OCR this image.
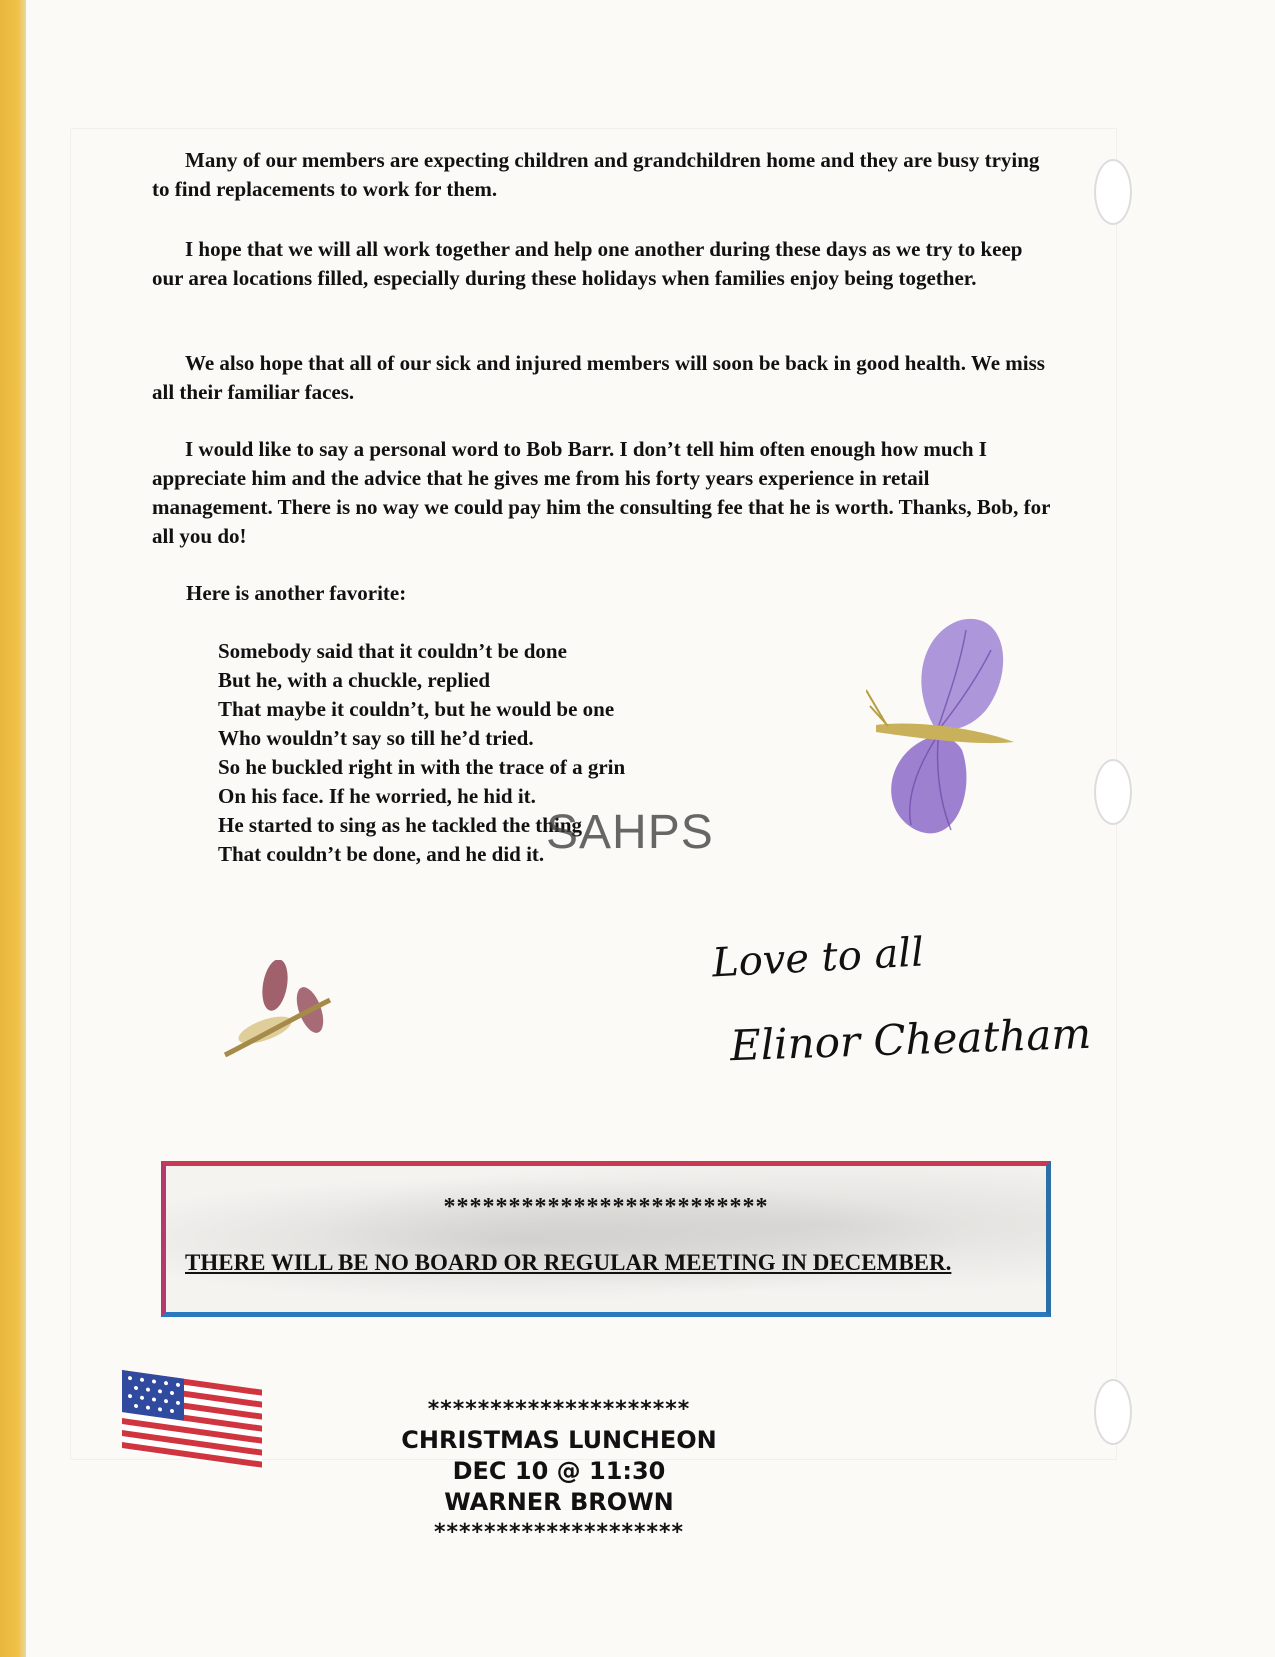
Many of our members are expecting children and grandchildren home and they are busy trying to find replacements to work for them.

I hope that we will all work together and help one another during these days as we try to keep our area locations filled, especially during these holidays when families enjoy being together.

We also hope that all of our sick and injured members will soon be back in good health. We miss all their familiar faces.

I would like to say a personal word to Bob Barr. I don’t tell him often enough how much I appreciate him and the advice that he gives me from his forty years experience in retail management. There is no way we could pay him the consulting fee that he is worth. Thanks, Bob, for all you do!

Here is another favorite:
Somebody said that it couldn’t be done
But he, with a chuckle, replied
That maybe it couldn’t, but he would be one
Who wouldn’t say so till he’d tried.
So he buckled right in with the trace of a grin
On his face. If he worried, he hid it.
He started to sing as he tackled the thing
That couldn’t be done, and he did it. SAHPS
Love to all
Elinor Cheatham
*************************
THERE WILL BE NO BOARD OR REGULAR MEETING IN DECEMBER.
*********************
CHRISTMAS LUNCHEON
DEC 10 @ 11:30
WARNER BROWN
********************
